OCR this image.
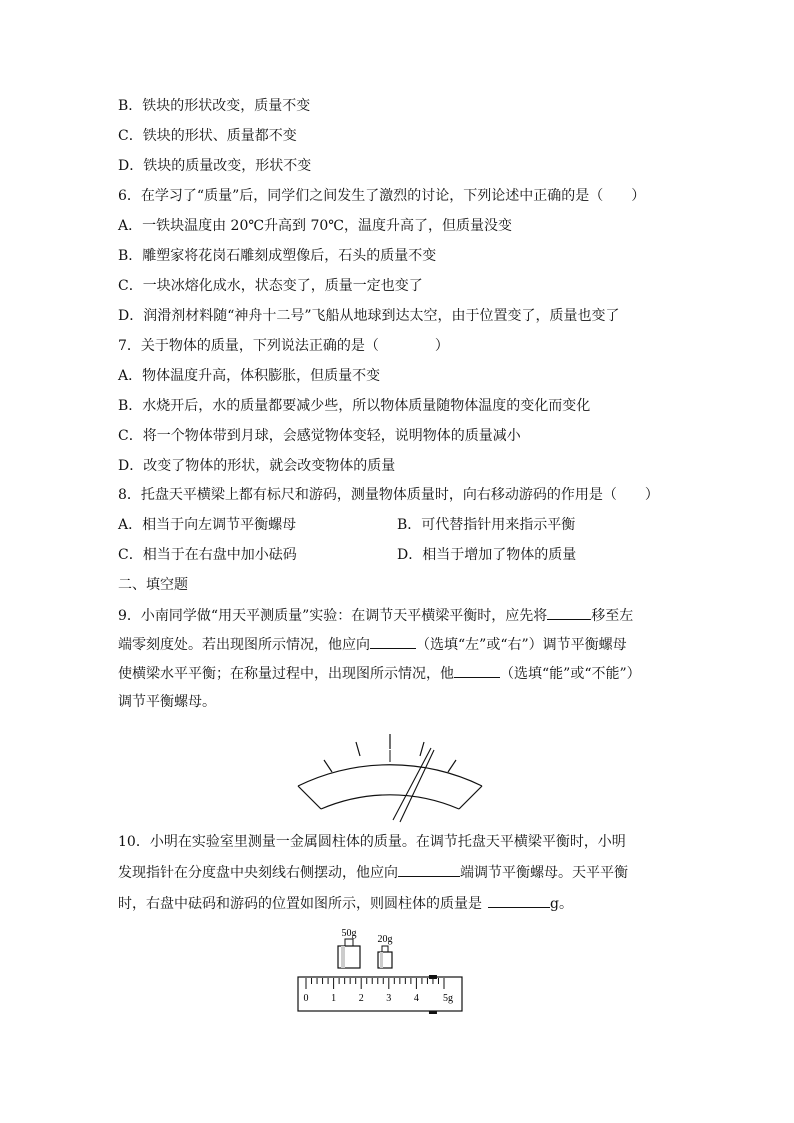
B．铁块的形状改变，质量不变
C．铁块的形状、质量都不变
D．铁块的质量改变，形状不变
6．在学习了“质量”后，同学们之间发生了激烈的讨论，下列论述中正确的是（　　）
A．一铁块温度由 20℃升高到 70℃，温度升高了，但质量没变
B．雕塑家将花岗石雕刻成塑像后，石头的质量不变
C．一块冰熔化成水，状态变了，质量一定也变了
D．润滑剂材料随“神舟十二号”飞船从地球到达太空，由于位置变了，质量也变了
7．关于物体的质量，下列说法正确的是（　　　　）
A．物体温度升高，体积膨胀，但质量不变
B．水烧开后，水的质量都要减少些，所以物体质量随物体温度的变化而变化
C．将一个物体带到月球，会感觉物体变轻，说明物体的质量减小
D．改变了物体的形状，就会改变物体的质量
8．托盘天平横梁上都有标尺和游码，测量物体质量时，向右移动游码的作用是（　　）
A．相当于向左调节平衡螺母	B．可代替指针用来指示平衡
C．相当于在右盘中加小砝码	D．相当于增加了物体的质量
二、填空题
9．小南同学做“用天平测质量”实验：在调节天平横梁平衡时，应先将	移至左
端零刻度处。若出现图所示情况，他应向	（选填“左”或“右”）调节平衡螺母
使横梁水平平衡；在称量过程中，出现图所示情况，他	（选填“能”或“不能”）
调节平衡螺母。
10．小明在实验室里测量一金属圆柱体的质量。在调节托盘天平横梁平衡时，小明
发现指针在分度盘中央刻线右侧摆动，他应向	端调节平衡螺母。天平平衡
时，右盘中砝码和游码的位置如图所示，则圆柱体的质量是	g。
50g
20g
0 1 2 3 4 5g
